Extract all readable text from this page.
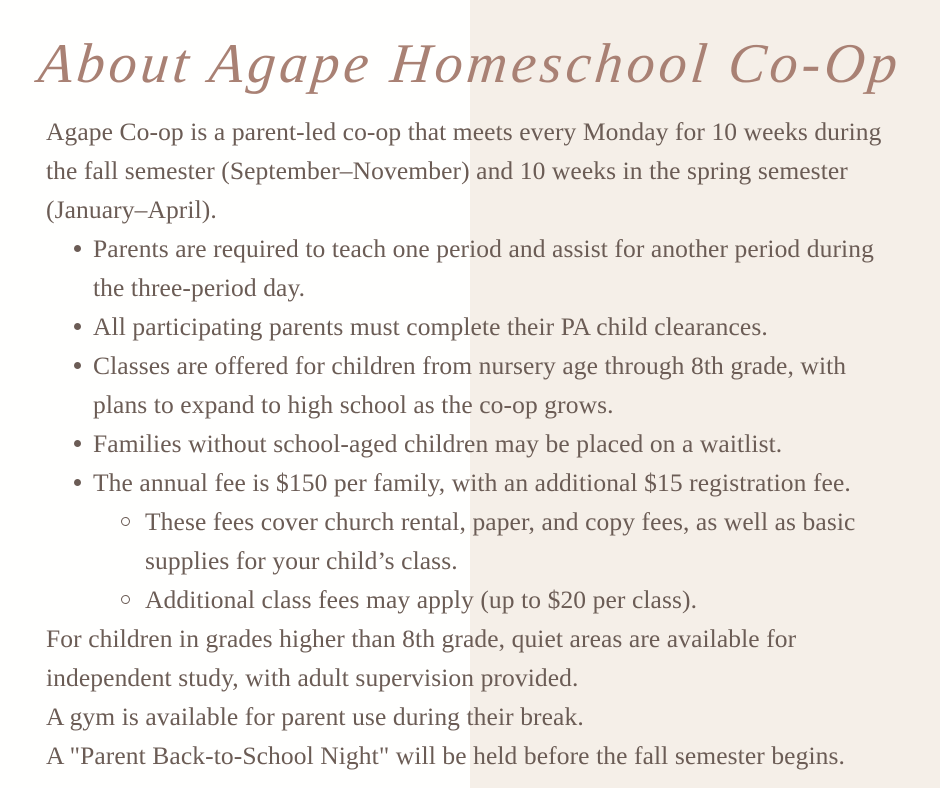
About Agape Homeschool Co-Op

Agape Co-op is a parent-led co-op that meets every Monday for 10 weeks during the fall semester (September–November) and 10 weeks in the spring semester (January–April).

Parents are required to teach one period and assist for another period during the three-period day.
All participating parents must complete their PA child clearances.
Classes are offered for children from nursery age through 8th grade, with plans to expand to high school as the co-op grows.
Families without school-aged children may be placed on a waitlist.
The annual fee is $150 per family, with an additional $15 registration fee.
These fees cover church rental, paper, and copy fees, as well as basic supplies for your child’s class.
Additional class fees may apply (up to $20 per class).

For children in grades higher than 8th grade, quiet areas are available for independent study, with adult supervision provided.

A gym is available for parent use during their break.

A "Parent Back-to-School Night" will be held before the fall semester begins.
